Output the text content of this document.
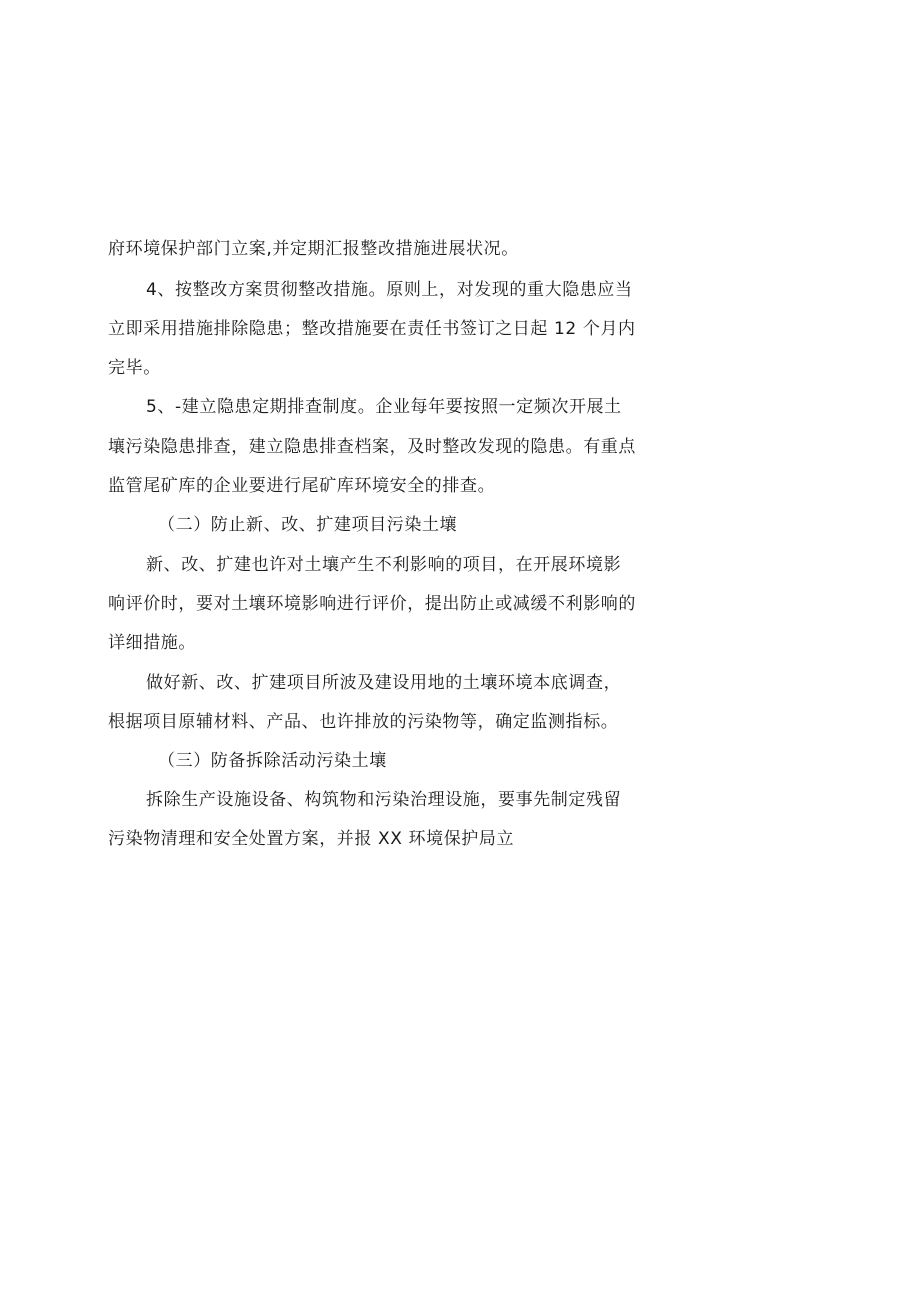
府环境保护部门立案,并定期汇报整改措施进展状况。
4、按整改方案贯彻整改措施。原则上，对发现的重大隐患应当
立即采用措施排除隐患；整改措施要在责任书签订之日起 12 个月内
完毕。
5、-建立隐患定期排查制度。企业每年要按照一定频次开展土
壤污染隐患排查，建立隐患排查档案，及时整改发现的隐患。有重点
监管尾矿库的企业要进行尾矿库环境安全的排查。
（二）防止新、改、扩建项目污染土壤
新、改、扩建也许对土壤产生不利影响的项目，在开展环境影
响评价时，要对土壤环境影响进行评价，提出防止或减缓不利影响的
详细措施。
做好新、改、扩建项目所波及建设用地的土壤环境本底调查，
根据项目原辅材料、产品、也许排放的污染物等，确定监测指标。
（三）防备拆除活动污染土壤
拆除生产设施设备、构筑物和污染治理设施，要事先制定残留
污染物清理和安全处置方案，并报 XX 环境保护局立
